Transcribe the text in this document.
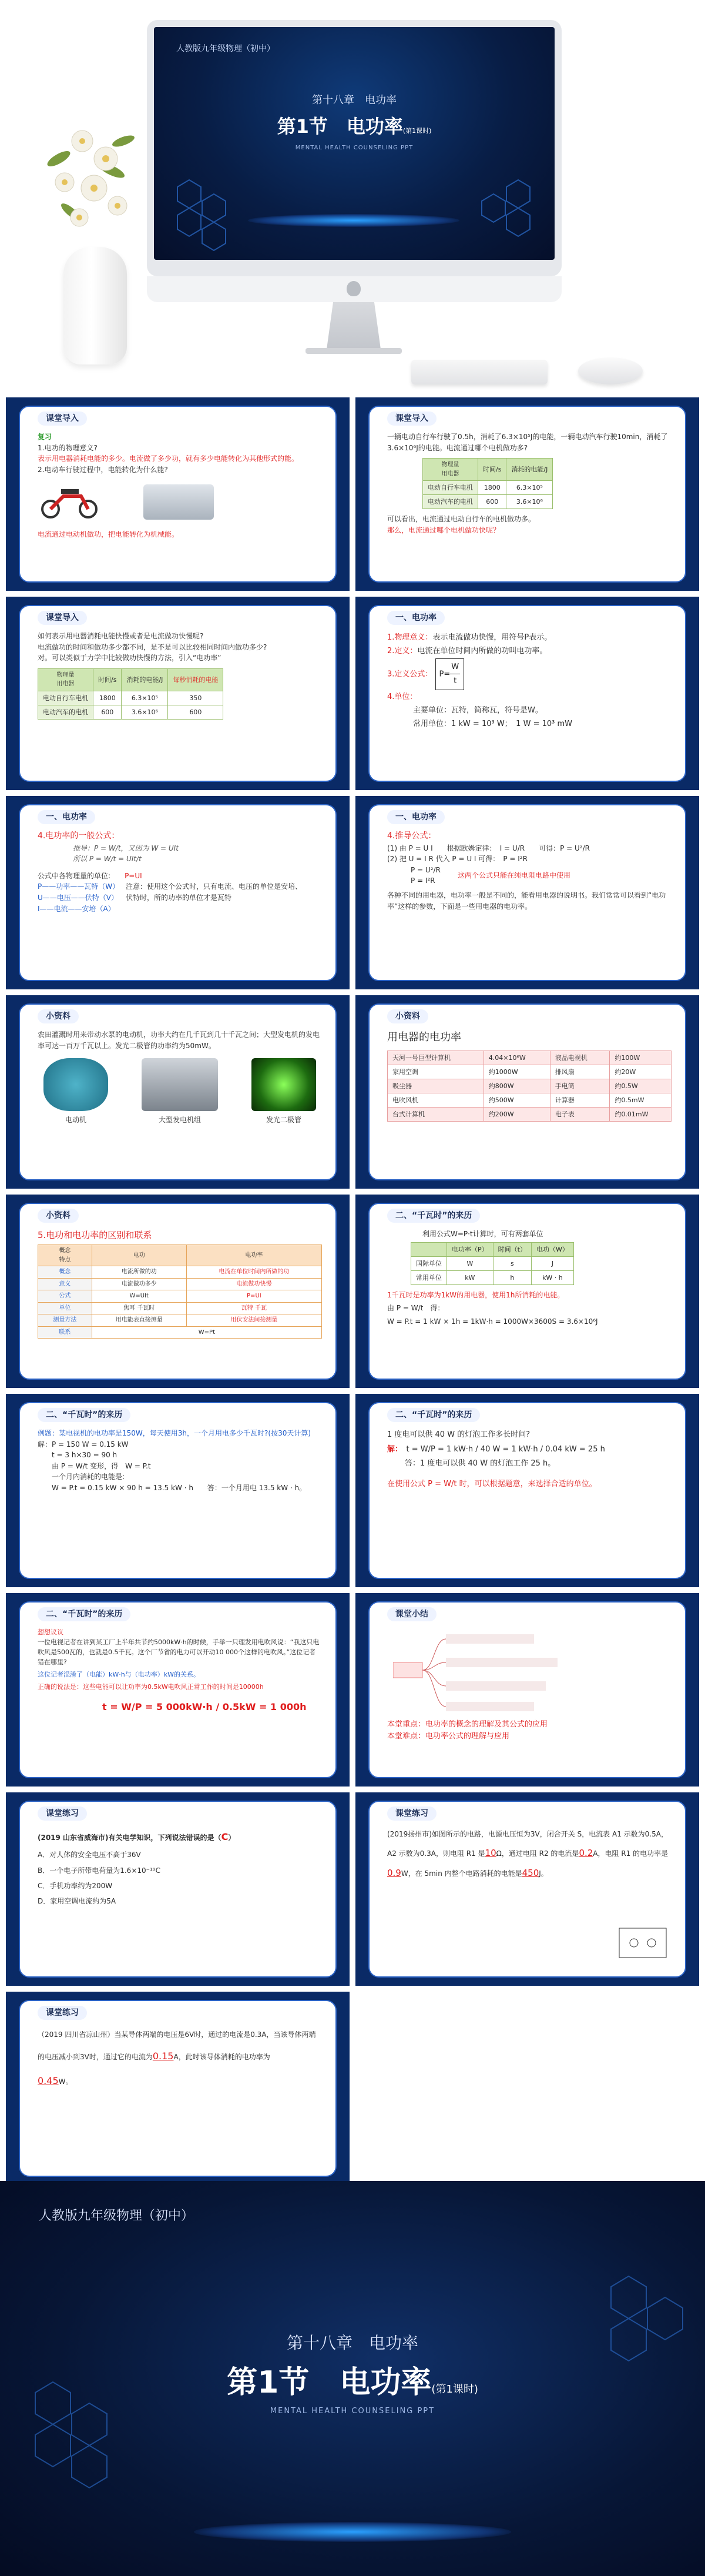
人教版九年级物理（初中）
第十八章　电功率
第1节　电功率(第1课时)
MENTAL HEALTH COUNSELING PPT
课堂导入
复习
1.电功的物理意义?
表示用电器消耗电能的多少。电流做了多少功，就有多少电能转化为其他形式的能。
2.电动车行驶过程中，电能转化为什么能?
电流通过电动机做功，把电能转化为机械能。
课堂导入
一辆电动自行车行驶了0.5h，消耗了6.3×10⁵J的电能，一辆电动汽车行驶10min，消耗了3.6×10⁶J的电能。电流通过哪个电机做功多?
物理量
用电器	时间/s	消耗的电能/J
电动自行车电机	1800	6.3×10⁵
电动汽车的电机	600	3.6×10⁶
可以看出，电流通过电动自行车的电机做功多。
那么，电流通过哪个电机做功快呢？
课堂导入
如何表示用电器消耗电能快慢或者是电流做功快慢呢?
电流做功的时间和做功多少都不同，是不是可以比较相同时间内做功多少?
对。可以类似于力学中比较做功快慢的方法，引入“电功率”
物理量
用电器	时间/s	消耗的电能/J	每秒消耗的电能
电动自行车电机	1800	6.3×10⁵	350
电动汽车的电机	600	3.6×10⁶	600
一、电功率
1.物理意义：表示电流做功快慢，用符号P表示。
2.定义：电流在单位时间内所做的功叫电功率。
3.定义公式： $P= \frac{W}{t}$
4.单位：
主要单位：瓦特，简称瓦，符号是W。
常用单位：1 kW = 10³ W；　1 W = 10³ mW
一、电功率
4.电功率的一般公式：
推导：P = W/t，又因为 W = UIt
所以 P = W/t = UIt/t
公式中各物理量的单位:　　 P=UI
P——功率——瓦特（W）
U——电压——伏特（V）
I——电流——安培（A）
注意：使用这个公式时，只有电流、电压的单位是安培、伏特时，所的功率的单位才是瓦特
一、电功率
4.推导公式：
(1) 由 P = U I　　根据欧姆定律：　 I = U/R　　可得：P = U²/R
(2) 把 U = I R 代入 P = U I 可得：　 P = I²R
P = U²/R
P = I²R
这两个公式只能在纯电阻电路中使用
各种不同的用电器，电功率一般是不同的，能看用电器的说明书。我们常常可以看到“电功率”这样的参数，下面是一些用电器的电功率。
小资料
农田灌溉时用来带动水泵的电动机，功率大约在几千瓦到几十千瓦之间；大型发电机的发电率可达一百万千瓦以上。发光二极管的功率约为50mW。
电动机	大型发电机组	发光二极管
小资料
用电器的电功率
天河一号巨型计算机	4.04×10⁶W	液晶电视机	约100W
家用空调	约1000W	排风扇	约20W
吸尘器	约800W	手电筒	约0.5W
电吹风机	约500W	计算器	约0.5mW
台式计算机	约200W	电子表	约0.01mW
小资料
5.电功和电功率的区别和联系
概念
特点	电功	电功率
概念	电流所做的功	电流在单位时间内所做的功
意义	电流做功多少	电流做功快慢
公式	W=UIt	P=UI
单位	焦耳 千瓦时	瓦特 千瓦
测量方法	用电能表直接测量	用伏安法间接测量
联系	W=Pt	
二、“千瓦时”的来历
利用公式W=P·t计算时，可有两套单位
	电功率（P）	时间（t）	电功（W）
国际单位	W	s	J
常用单位	kW	h	kW · h
1千瓦时是功率为1kW的用电器，使用1h所消耗的电能。
由 P = W/t　得：
W = P.t = 1 kW × 1h = 1kW·h = 1000W×3600S = 3.6×10⁶J
二、“千瓦时”的来历
例题：某电视机的电功率是150W，每天使用3h，一个月用电多少千瓦时?(按30天计算)
解：P = 150 W = 0.15 kW
t = 3 h×30 = 90 h
由 P = W/t 变形，得　W = P.t
一个月内消耗的电能是:
W = P.t = 0.15 kW × 90 h = 13.5 kW · h　　答：一个月用电 13.5 kW · h。
二、“千瓦时”的来历
1 度电可以供 40 W 的灯泡工作多长时间?
解：　 t = W/P = 1 kW·h / 40 W = 1 kW·h / 0.04 kW = 25 h
答：1 度电可以供 40 W 的灯泡工作 25 h。
在使用公式 P = W/t 时，可以根据题意，来选择合适的单位。
二、“千瓦时”的来历
想想议议
一位电视记者在讲到某工厂上半年共节约5000kW·h的时候，手举一只理发用电吹风说：“我这只电吹风是500瓦的，也就是0.5千瓦。这个厂节省的电力可以开动10 000个这样的电吹风。”这位记者错在哪里?
这位记者混淆了（电能）kW·h与（电功率）kW的关系。
正确的说法是：这些电能可以让功率为0.5kW电吹风正常工作的时间是10000h
t = W/P = 5 000kW·h / 0.5kW = 1 000h
课堂小结
本堂重点：电功率的概念的理解及其公式的应用
本堂难点：电功率公式的理解与应用
课堂练习
(2019 山东省威海市)有关电学知识，下列说法错误的是（C）
A．对人体的安全电压不高于36V
B．一个电子所带电荷量为1.6×10⁻¹⁹C
C．手机功率约为200W
D．家用空调电流约为5A
课堂练习
(2019扬州市)如图所示的电路，电源电压恒为3V，闭合开关 S，电流表 A1 示数为0.5A，A2 示数为0.3A，则电阻 R1 是10Ω，通过电阻 R2 的电流是0.2A，电阻 R1 的电功率是0.9W，在 5min 内整个电路消耗的电能是450J。
课堂练习
（2019 四川省凉山州）当某导体两端的电压是6V时，通过的电流是0.3A，当该导体两端的电压减小到3V时，通过它的电流为0.15A，此时该导体消耗的电功率为
0.45W。
人教版九年级物理（初中）
第十八章　电功率
第1节　电功率(第1课时)
MENTAL HEALTH COUNSELING PPT
